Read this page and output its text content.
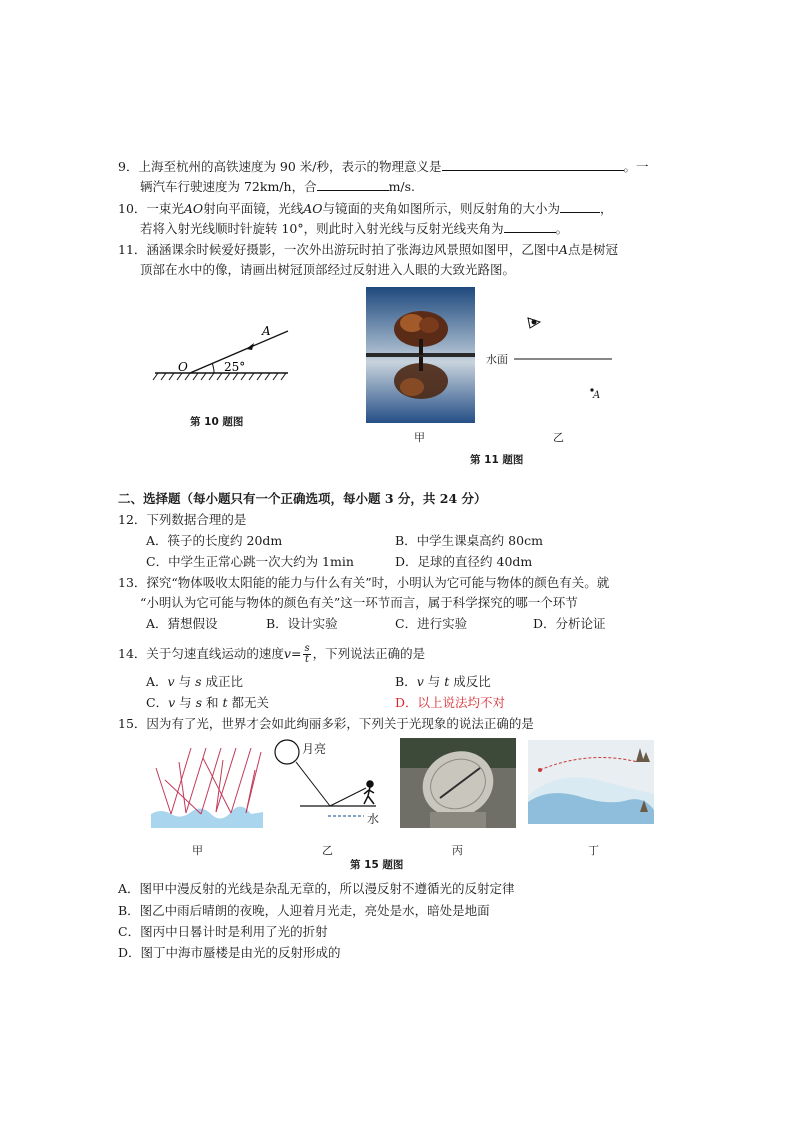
9．上海至杭州的高铁速度为 90 米/秒，表示的物理意义是	。一
辆汽车行驶速度为 72km/h，合	m/s.
10．一束光AO射向平面镜，光线AO与镜面的夹角如图所示，则反射角的大小为	，
若将入射光线顺时针旋转 10°，则此时入射光线与反射光线夹角为	。
11．涵涵课余时候爱好摄影，一次外出游玩时拍了张海边风景照如图甲，乙图中A点是树冠
顶部在水中的像，请画出树冠顶部经过反射进入人眼的大致光路图。
A
O	25°
第 10 题图
甲
水面
A
乙
第 11 题图
二、选择题（每小题只有一个正确选项，每小题 3 分，共 24 分）
12．下列数据合理的是
A．筷子的长度约 20dm	B．中学生课桌高约 80cm
C．中学生正常心跳一次大约为 1min	D．足球的直径约 40dm
13．探究“物体吸收太阳能的能力与什么有关”时，小明认为它可能与物体的颜色有关。就
“小明认为它可能与物体的颜色有关”这一环节而言，属于科学探究的哪一个环节
A．猜想假设	B．设计实验	C．进行实验	D．分析论证
14．关于匀速直线运动的速度$v= \frac{s}{t}$ ，下列说法正确的是
A．v 与 s 成正比	B．v 与 t 成反比
C．v 与 s 和 t 都无关	D．以上说法均不对
15．因为有了光，世界才会如此绚丽多彩，下列关于光现象的说法正确的是
甲
月亮
水
乙	丙	丁
第 15 题图
A．图甲中漫反射的光线是杂乱无章的，所以漫反射不遵循光的反射定律
B．图乙中雨后晴朗的夜晚，人迎着月光走，亮处是水，暗处是地面
C．图丙中日晷计时是利用了光的折射
D．图丁中海市蜃楼是由光的反射形成的
